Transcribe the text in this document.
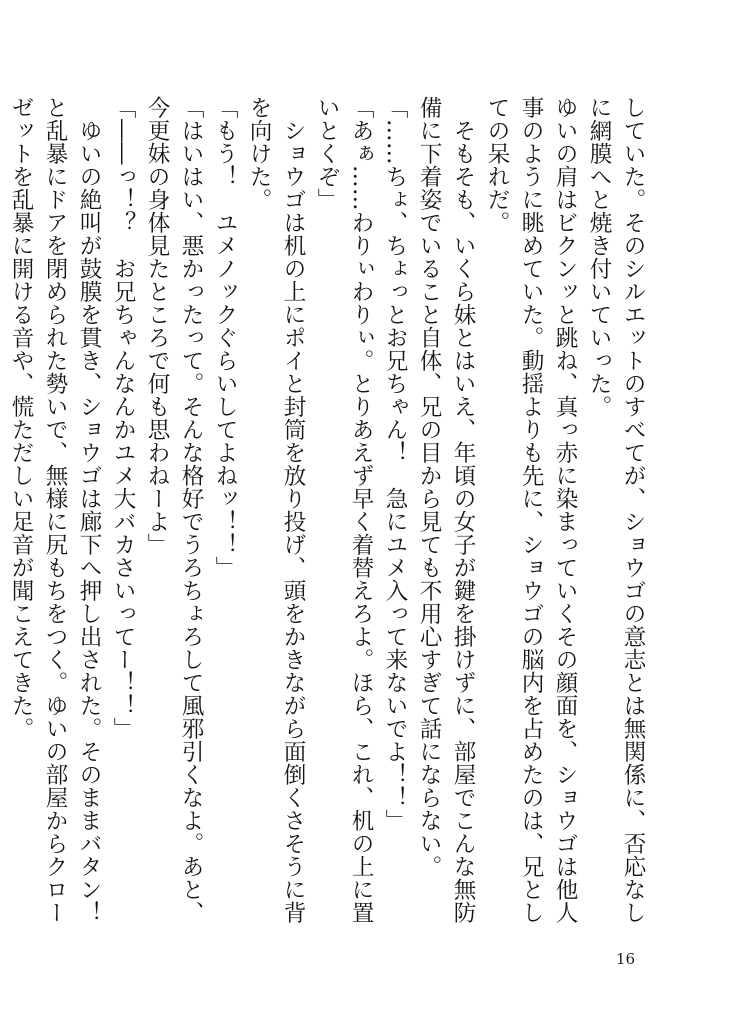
していた。そのシルエットのすべてが、ショウゴの意志とは無関係に、否応なしに網膜へと焼き付いていった。

ゆいの肩はビクンッと跳ね、真っ赤に染まっていくその顔面を、ショウゴは他人事のように眺めていた。動揺よりも先に、ショウゴの脳内を占めたのは、兄としての呆れだ。

　そもそも、いくら妹とはいえ、年頃の女子が鍵を掛けずに、部屋でこんな無防備に下着姿でいること自体、兄の目から見ても不用心すぎて話にならない。

「……ちょ、ちょっとお兄ちゃん！　急にユメ入って来ないでよ！！」

「あぁ……わりぃわりぃ。とりあえず早く着替えろよ。ほら、これ、机の上に置いとくぞ」

　ショウゴは机の上にポイと封筒を放り投げ、頭をかきながら面倒くさそうに背を向けた。

「もう！　ユメノックぐらいしてよねッ！！」

「はいはい、悪かったって。そんな格好でうろちょろして風邪引くなよ。あと、今更妹の身体見たところで何も思わねーよ」

「――っ！？　お兄ちゃんなんかユメ大バカさいってー！！」

　ゆいの絶叫が鼓膜を貫き、ショウゴは廊下へ押し出された。そのままバタン！　と乱暴にドアを閉められた勢いで、無様に尻もちをつく。ゆいの部屋からクローゼットを乱暴に開ける音や、慌ただしい足音が聞こえてきた。

16
